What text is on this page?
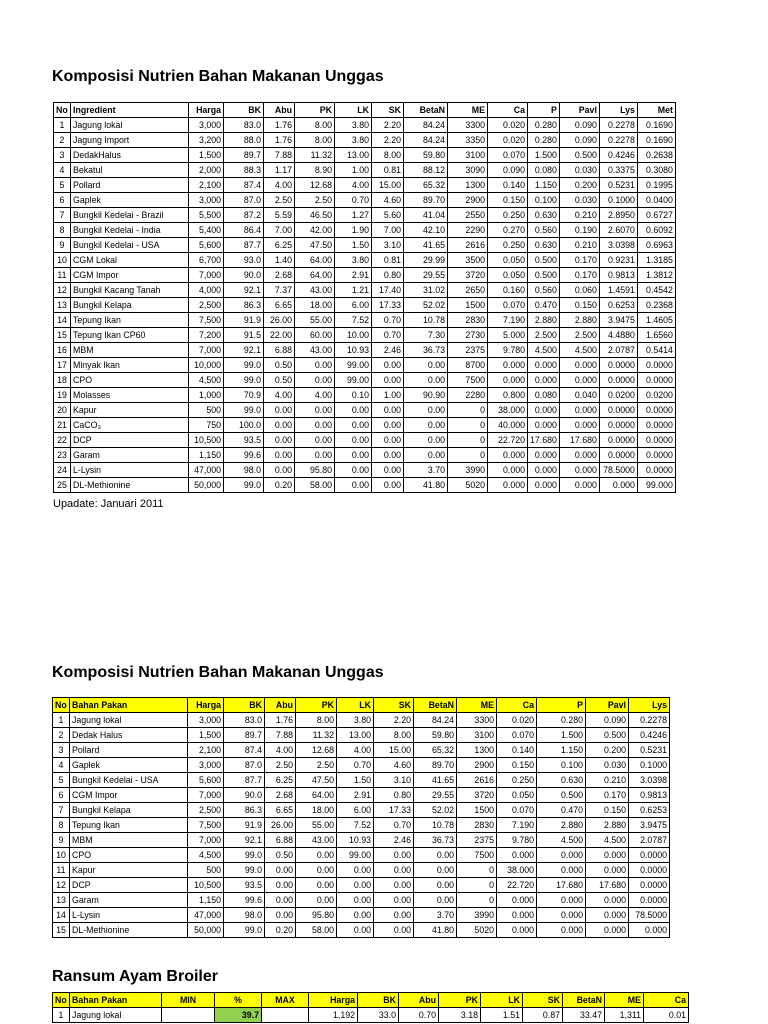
Komposisi Nutrien Bahan Makanan Unggas
No	Ingredient	Harga	BK	Abu	PK	LK	SK	BetaN	ME	Ca	P	Pavl	Lys	Met
1	Jagung lokal	3,000	83.0	1.76	8.00	3.80	2.20	84.24	3300	0.020	0.280	0.090	0.2278	0.1690
2	Jagung Import	3,200	88.0	1.76	8.00	3.80	2.20	84.24	3350	0.020	0.280	0.090	0.2278	0.1690
3	DedakHalus	1,500	89.7	7.88	11.32	13.00	8.00	59.80	3100	0.070	1.500	0.500	0.4246	0.2638
4	Bekatul	2,000	88.3	1.17	8.90	1.00	0.81	88.12	3090	0.090	0.080	0.030	0.3375	0.3080
5	Pollard	2,100	87.4	4.00	12.68	4.00	15.00	65.32	1300	0.140	1.150	0.200	0.5231	0.1995
6	Gaplek	3,000	87.0	2.50	2.50	0.70	4.60	89.70	2900	0.150	0.100	0.030	0.1000	0.0400
7	Bungkil Kedelai - Brazil	5,500	87.2	5.59	46.50	1.27	5.60	41.04	2550	0.250	0.630	0.210	2.8950	0.6727
8	Bungkil Kedelai - India	5,400	86.4	7.00	42.00	1.90	7.00	42.10	2290	0.270	0.560	0.190	2.6070	0.6092
9	Bungkil Kedelai - USA	5,600	87.7	6.25	47.50	1.50	3.10	41.65	2616	0.250	0.630	0.210	3.0398	0.6963
10	CGM Lokal	6,700	93.0	1.40	64.00	3.80	0.81	29.99	3500	0.050	0.500	0.170	0.9231	1.3185
11	CGM Impor	7,000	90.0	2.68	64.00	2.91	0.80	29.55	3720	0.050	0.500	0.170	0.9813	1.3812
12	Bungkil Kacang Tanah	4,000	92.1	7.37	43.00	1.21	17.40	31.02	2650	0.160	0.560	0.060	1.4591	0.4542
13	Bungkil Kelapa	2,500	86.3	6.65	18.00	6.00	17.33	52.02	1500	0.070	0.470	0.150	0.6253	0.2368
14	Tepung Ikan	7,500	91.9	26.00	55.00	7.52	0.70	10.78	2830	7.190	2.880	2.880	3.9475	1.4605
15	Tepung Ikan CP60	7,200	91.5	22.00	60.00	10.00	0.70	7.30	2730	5.000	2.500	2.500	4.4880	1.6560
16	MBM	7,000	92.1	6.88	43.00	10.93	2.46	36.73	2375	9.780	4.500	4.500	2.0787	0.5414
17	Minyak Ikan	10,000	99.0	0.50	0.00	99.00	0.00	0.00	8700	0.000	0.000	0.000	0.0000	0.0000
18	CPO	4,500	99.0	0.50	0.00	99.00	0.00	0.00	7500	0.000	0.000	0.000	0.0000	0.0000
19	Molasses	1,000	70.9	4.00	4.00	0.10	1.00	90.90	2280	0.800	0.080	0.040	0.0200	0.0200
20	Kapur	500	99.0	0.00	0.00	0.00	0.00	0.00	0	38.000	0.000	0.000	0.0000	0.0000
21	CaCO₃	750	100.0	0.00	0.00	0.00	0.00	0.00	0	40.000	0.000	0.000	0.0000	0.0000
22	DCP	10,500	93.5	0.00	0.00	0.00	0.00	0.00	0	22.720	17.680	17.680	0.0000	0.0000
23	Garam	1,150	99.6	0.00	0.00	0.00	0.00	0.00	0	0.000	0.000	0.000	0.0000	0.0000
24	L-Lysin	47,000	98.0	0.00	95.80	0.00	0.00	3.70	3990	0.000	0.000	0.000	78.5000	0.0000
25	DL-Methionine	50,000	99.0	0.20	58.00	0.00	0.00	41.80	5020	0.000	0.000	0.000	0.000	99.000
Upadate: Januari 2011
Komposisi Nutrien Bahan Makanan Unggas
No	Bahan Pakan	Harga	BK	Abu	PK	LK	SK	BetaN	ME	Ca	P	Pavl	Lys
1	Jagung lokal	3,000	83.0	1.76	8.00	3.80	2.20	84.24	3300	0.020	0.280	0.090	0.2278
2	Dedak Halus	1,500	89.7	7.88	11.32	13.00	8.00	59.80	3100	0.070	1.500	0.500	0.4246
3	Pollard	2,100	87.4	4.00	12.68	4.00	15.00	65.32	1300	0.140	1.150	0.200	0.5231
4	Gaplek	3,000	87.0	2.50	2.50	0.70	4.60	89.70	2900	0.150	0.100	0.030	0.1000
5	Bungkil Kedelai - USA	5,600	87.7	6.25	47.50	1.50	3.10	41.65	2616	0.250	0.630	0.210	3.0398
6	CGM Impor	7,000	90.0	2.68	64.00	2.91	0.80	29.55	3720	0.050	0.500	0.170	0.9813
7	Bungkil Kelapa	2,500	86.3	6.65	18.00	6.00	17.33	52.02	1500	0.070	0.470	0.150	0.6253
8	Tepung Ikan	7,500	91.9	26.00	55.00	7.52	0.70	10.78	2830	7.190	2.880	2.880	3.9475
9	MBM	7,000	92.1	6.88	43.00	10.93	2.46	36.73	2375	9.780	4.500	4.500	2.0787
10	CPO	4,500	99.0	0.50	0.00	99.00	0.00	0.00	7500	0.000	0.000	0.000	0.0000
11	Kapur	500	99.0	0.00	0.00	0.00	0.00	0.00	0	38.000	0.000	0.000	0.0000
12	DCP	10,500	93.5	0.00	0.00	0.00	0.00	0.00	0	22.720	17.680	17.680	0.0000
13	Garam	1,150	99.6	0.00	0.00	0.00	0.00	0.00	0	0.000	0.000	0.000	0.0000
14	L-Lysin	47,000	98.0	0.00	95.80	0.00	0.00	3.70	3990	0.000	0.000	0.000	78.5000
15	DL-Methionine	50,000	99.0	0.20	58.00	0.00	0.00	41.80	5020	0.000	0.000	0.000	0.000
Ransum Ayam Broiler
No	Bahan Pakan	MIN	%	MAX	Harga	BK	Abu	PK	LK	SK	BetaN	ME	Ca
1	Jagung lokal		39.7		1,192	33.0	0.70	3.18	1.51	0.87	33.47	1,311	0.01
